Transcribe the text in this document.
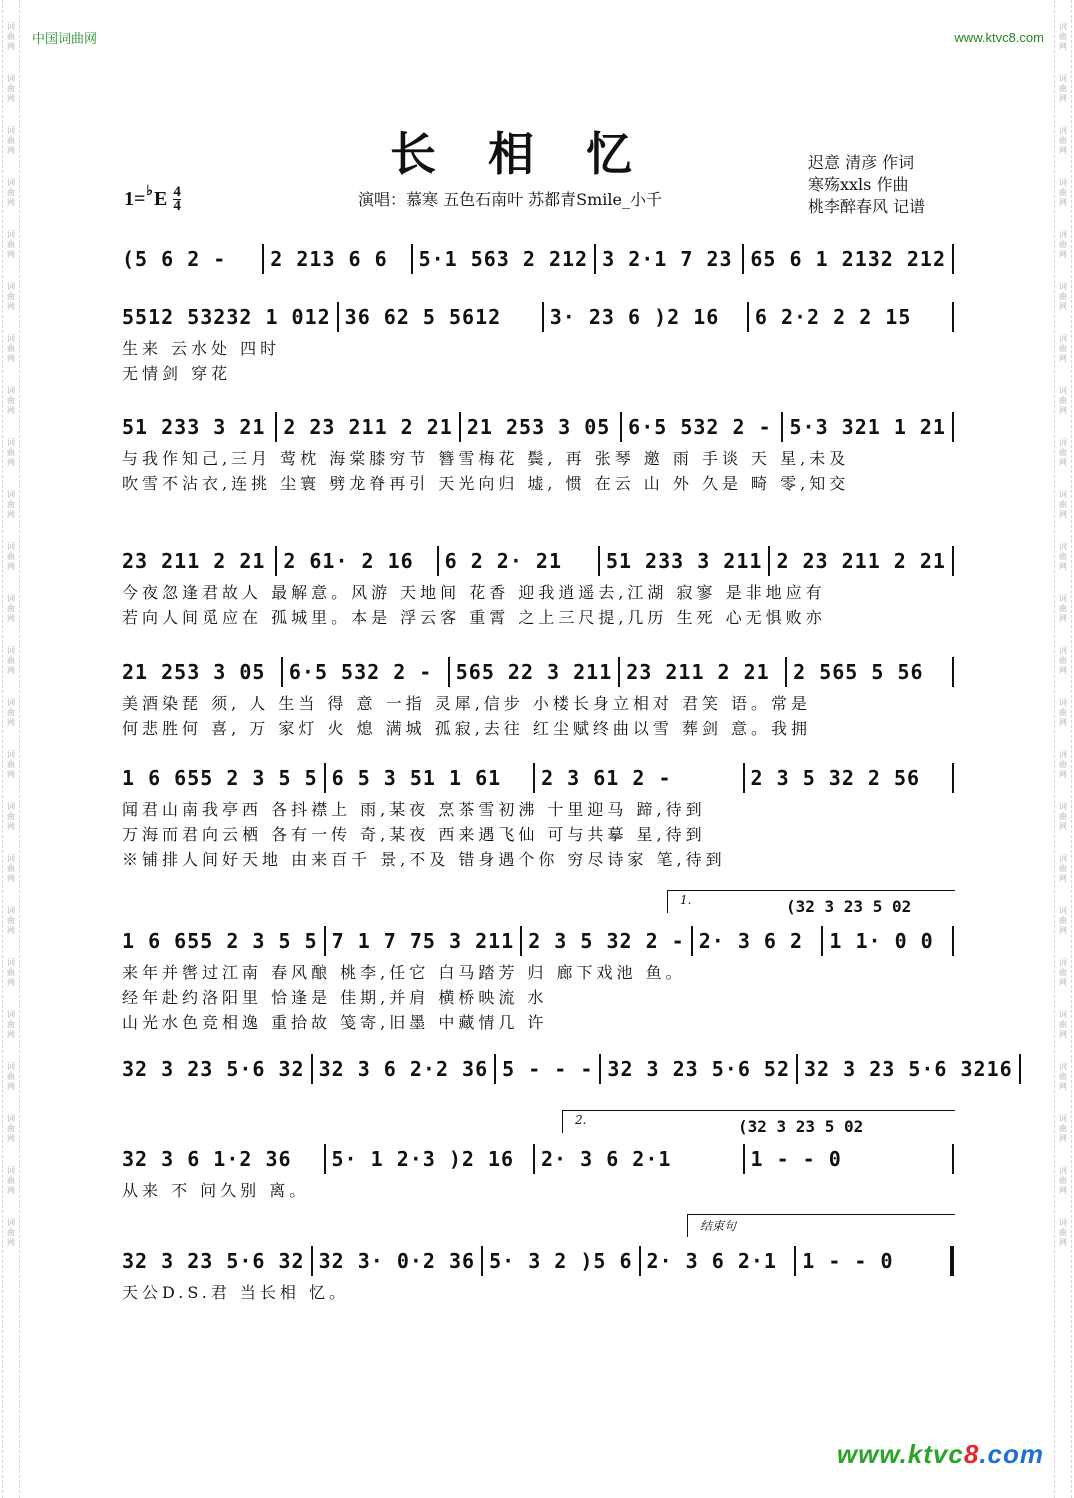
词
曲
网
词
曲
网
词
曲
网
词
曲
网
词
曲
网
词
曲
网
词
曲
网
词
曲
网
词
曲
网
词
曲
网
词
曲
网
词
曲
网
词
曲
网
词
曲
网
词
曲
网
词
曲
网
词
曲
网
词
曲
网
词
曲
网
词
曲
网
词
曲
网
词
曲
网
词
曲
网
词
曲
网
词
曲
网
词
曲
网
词
曲
网
词
曲
网
词
曲
网
词
曲
网
词
曲
网
词
曲
网
词
曲
网
词
曲
网
词
曲
网
词
曲
网
词
曲
网
词
曲
网
词
曲
网
词
曲
网
词
曲
网
词
曲
网
词
曲
网
词
曲
网
词
曲
网
词
曲
网
词
曲
网
词
曲
网
中国词曲网	www.ktvc8.com
长相忆	迟意 清彦 作词
寒殇xxls 作曲
桃李醉春风 记谱
1= ♭ E 4
4	演唱：慕寒 五色石南叶 苏都青Smile_小千
(5 6 2 -	2 213 6 6	5·1 563 2 212 3 2·1 7 23 65 6 1 2132 212
5512 53232 1 012 36 62 5 5612	3· 23 6 )2 16	6 2·2 2 2 15
生来 云水处 四时
无情剑 穿花
51 233 3 21 2 23 211 2 21 21 253 3 05 6·5 532 2 - 5·3 321 1 21
与我作知己,三月 莺枕 海棠膝穷节 簪雪梅花 鬓, 再 张琴 邀 雨 手谈 天 星,未及
吹雪不沾衣,连挑 尘寰 劈龙脊再引 天光向归 墟, 惯 在云 山 外 久是 畸 零,知交
23 211 2 21 2 61· 2 16	6 2 2· 21	51 233 3 211 2 23 211 2 21
今夜忽逢君故人 最解意。风游 天地间 花香 迎我逍遥去,江湖 寂寥 是非地应有
若向人间觅应在 孤城里。本是 浮云客 重霄 之上三尺提,几历 生死 心无惧败亦
21 253 3 05	6·5 532 2 -	565 22 3 211 23 211 2 21	2 565 5 56
美酒染琵 须, 人 生当 得 意 一指 灵犀,信步 小楼长身立相对 君笑 语。常是
何悲胜何 喜, 万 家灯 火 熄 满城 孤寂,去往 红尘赋终曲以雪 葬剑 意。我拥
1 6 655 2 3 5 5 6 5 3 51 1 61	2 3 61 2 -	2 3 5 32 2 56
闻君山南我亭西 各抖襟上 雨,某夜 烹茶雪初沸 十里迎马 蹄,待到
万海而君向云栖 各有一传 奇,某夜 西来遇飞仙 可与共摹 星,待到
※铺排人间好天地 由来百千 景,不及 错身遇个你 穷尽诗家 笔,待到
1 6 655 2 3 5 5 7 1 7 75 3 211 2 3 5 32 2 - 2· 3 6 2	1 1· 0 0
来年并辔过江南 春风酿 桃李,任它 白马踏芳 归 廊下戏池 鱼。
经年赴约洛阳里 恰逢是 佳期,并肩 横桥映流 水
山光水色竞相逸 重拾故 笺寄,旧墨 中藏情几 许
1.	(32 3 23 5 02
32 3 23 5·6 32 32 3 6 2·2 36 5 - - - 32 3 23 5·6 52 32 3 23 5·6 3216
32 3 6 1·2 36	5· 1 2·3 )2 16	2· 3 6 2·1	1 - - 0
从来 不 问久别 离。
2.	(32 3 23 5 02
32 3 23 5·6 32 32 3· 0·2 36 5· 3 2 )5 6 2· 3 6 2·1	1 - - 0
天公D.S.君 当长相 忆。
结束句
www.ktvc8.com
